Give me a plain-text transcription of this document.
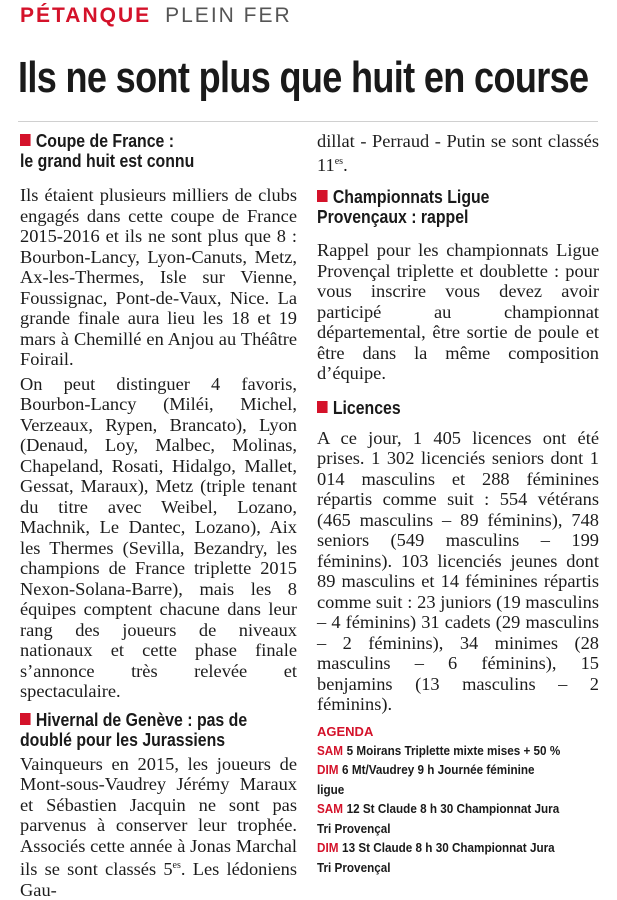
PÉTANQUE PLEIN FER
Ils ne sont plus que huit en course
Coupe de France :
le grand huit est connu

Ils étaient plusieurs milliers de clubs engagés dans cette coupe de France 2015-2016 et ils ne sont plus que 8 : Bourbon-Lancy, Lyon-Canuts, Metz, Ax-les-Thermes, Isle sur Vienne, Foussignac, Pont-de-Vaux, Nice. La grande finale aura lieu les 18 et 19 mars à Chemillé en Anjou au Théâtre Foirail.

On peut distinguer 4 favoris, Bourbon-Lancy (Miléi, Michel, Verzeaux, Rypen, Brancato), Lyon (Denaud, Loy, Malbec, Molinas, Chapeland, Rosati, Hidalgo, Mallet, Gessat, Maraux), Metz (triple tenant du titre avec Weibel, Lozano, Machnik, Le Dantec, Lozano), Aix les Thermes (Sevilla, Bezandry, les champions de France triplette 2015 Nexon-Solana-Barre), mais les 8 équipes comptent chacune dans leur rang des joueurs de niveaux nationaux et cette phase finale s’annonce très relevée et spectaculaire.

Hivernal de Genève : pas de
doublé pour les Jurassiens

Vainqueurs en 2015, les joueurs de Mont-sous-Vaudrey Jérémy Maraux et Sébastien Jacquin ne sont pas parvenus à conserver leur trophée. Associés cette année à Jonas Marchal ils se sont classés $5^{es}$. Les lédoniens Gau-

dillat - Perraud - Putin se sont classés $11^{es}$.

Championnats Ligue
Provençaux : rappel

Rappel pour les championnats Ligue Provençal triplette et doublette : pour vous inscrire vous devez avoir participé au championnat départemental, être sortie de poule et être dans la même composition d’équipe.

Licences

A ce jour, 1 405 licences ont été prises. 1 302 licenciés seniors dont 1 014 masculins et 288 féminines répartis comme suit : 554 vétérans (465 masculins – 89 féminins), 748 seniors (549 masculins – 199 féminins). 103 licenciés jeunes dont 89 masculins et 14 féminines répartis comme suit : 23 juniors (19 masculins – 4 féminins) 31 cadets (29 masculins – 2 féminins), 34 minimes (28 masculins – 6 féminins), 15 benjamins (13 masculins – 2 féminins).

AGENDA
SAM 5 Moirans Triplette mixte mises + 50 %
DIM 6 Mt/Vaudrey 9 h Journée féminine
ligue
SAM 12 St Claude 8 h 30 Championnat Jura
Tri Provençal
DIM 13 St Claude 8 h 30 Championnat Jura
Tri Provençal
